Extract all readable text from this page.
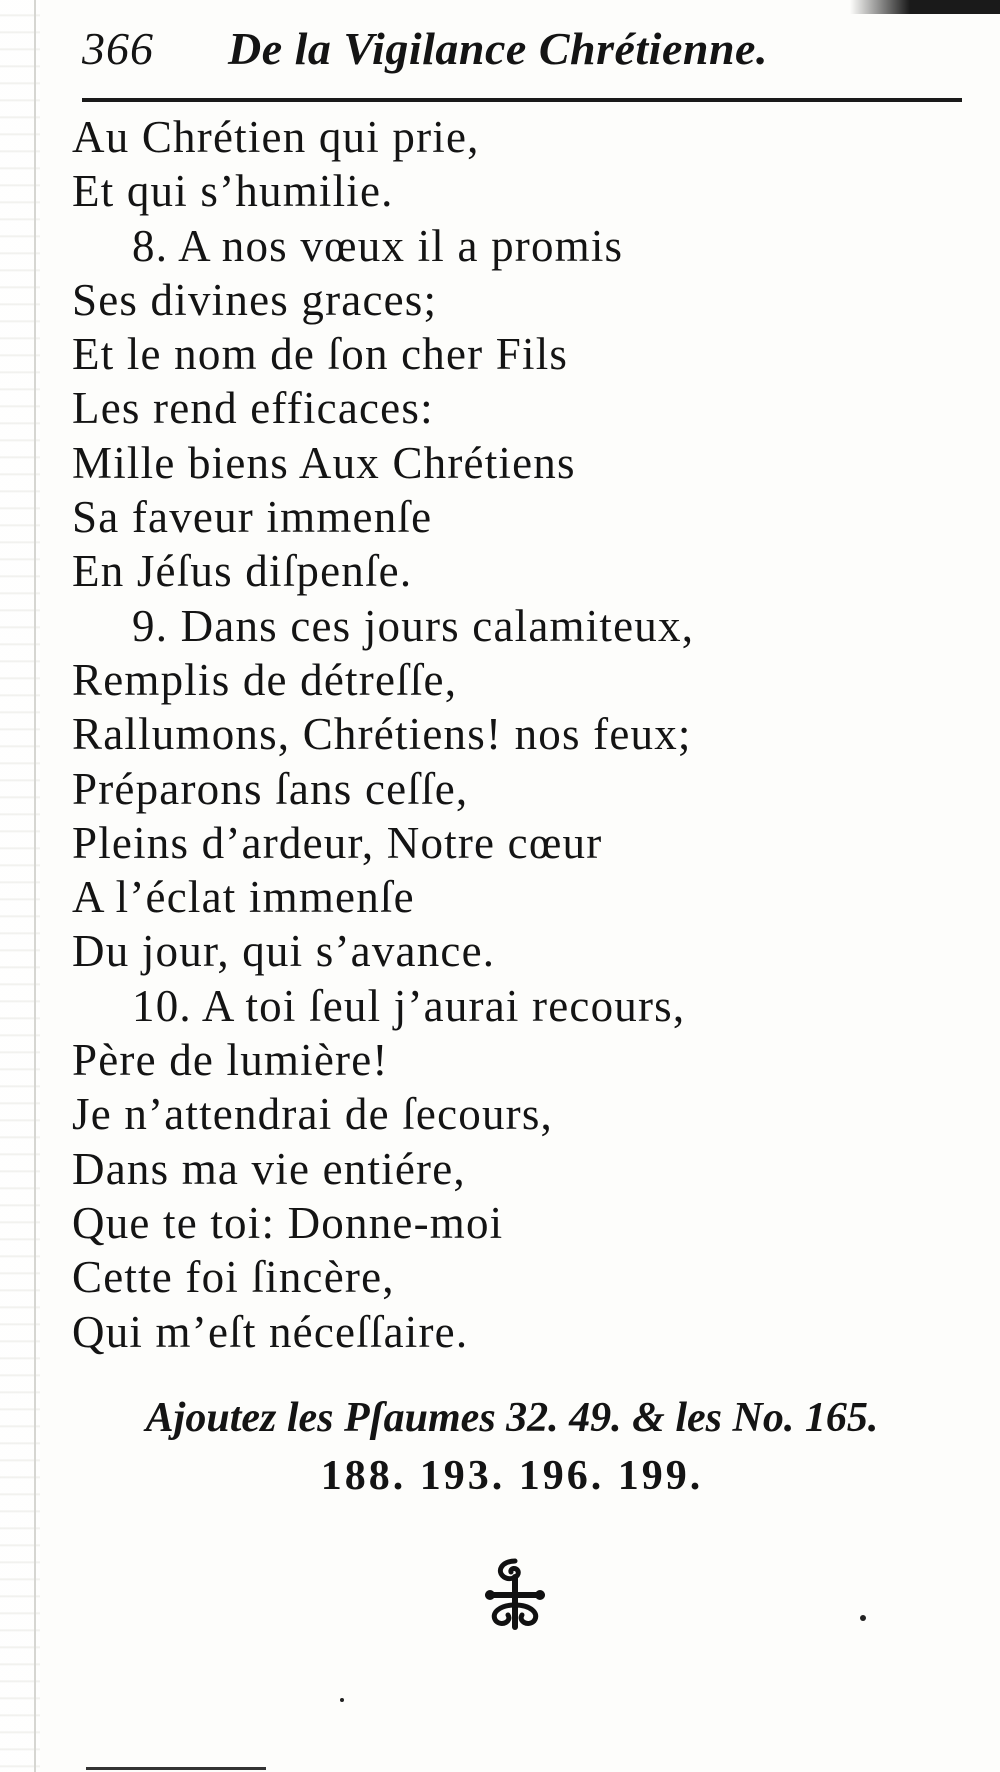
366 De la Vigilance Chrétienne.
Au Chrétien qui prie,
Et qui s’humilie.
8. A nos vœux il a promis
Ses divines graces;
Et le nom de ſon cher Fils
Les rend efficaces:
Mille biens Aux Chrétiens
Sa faveur immenſe
En Jéſus diſpenſe.
9. Dans ces jours calamiteux,
Remplis de détreſſe,
Rallumons, Chrétiens! nos feux;
Préparons ſans ceſſe,
Pleins d’ardeur, Notre cœur
A l’éclat immenſe
Du jour, qui s’avance.
10. A toi ſeul j’aurai recours,
Père de lumière!
Je n’attendrai de ſecours,
Dans ma vie entiére,
Que te toi: Donne-moi
Cette foi ſincère,
Qui m’eſt néceſſaire.
Ajoutez les Pſaumes 32. 49. & les No. 165.
188. 193. 196. 199.
